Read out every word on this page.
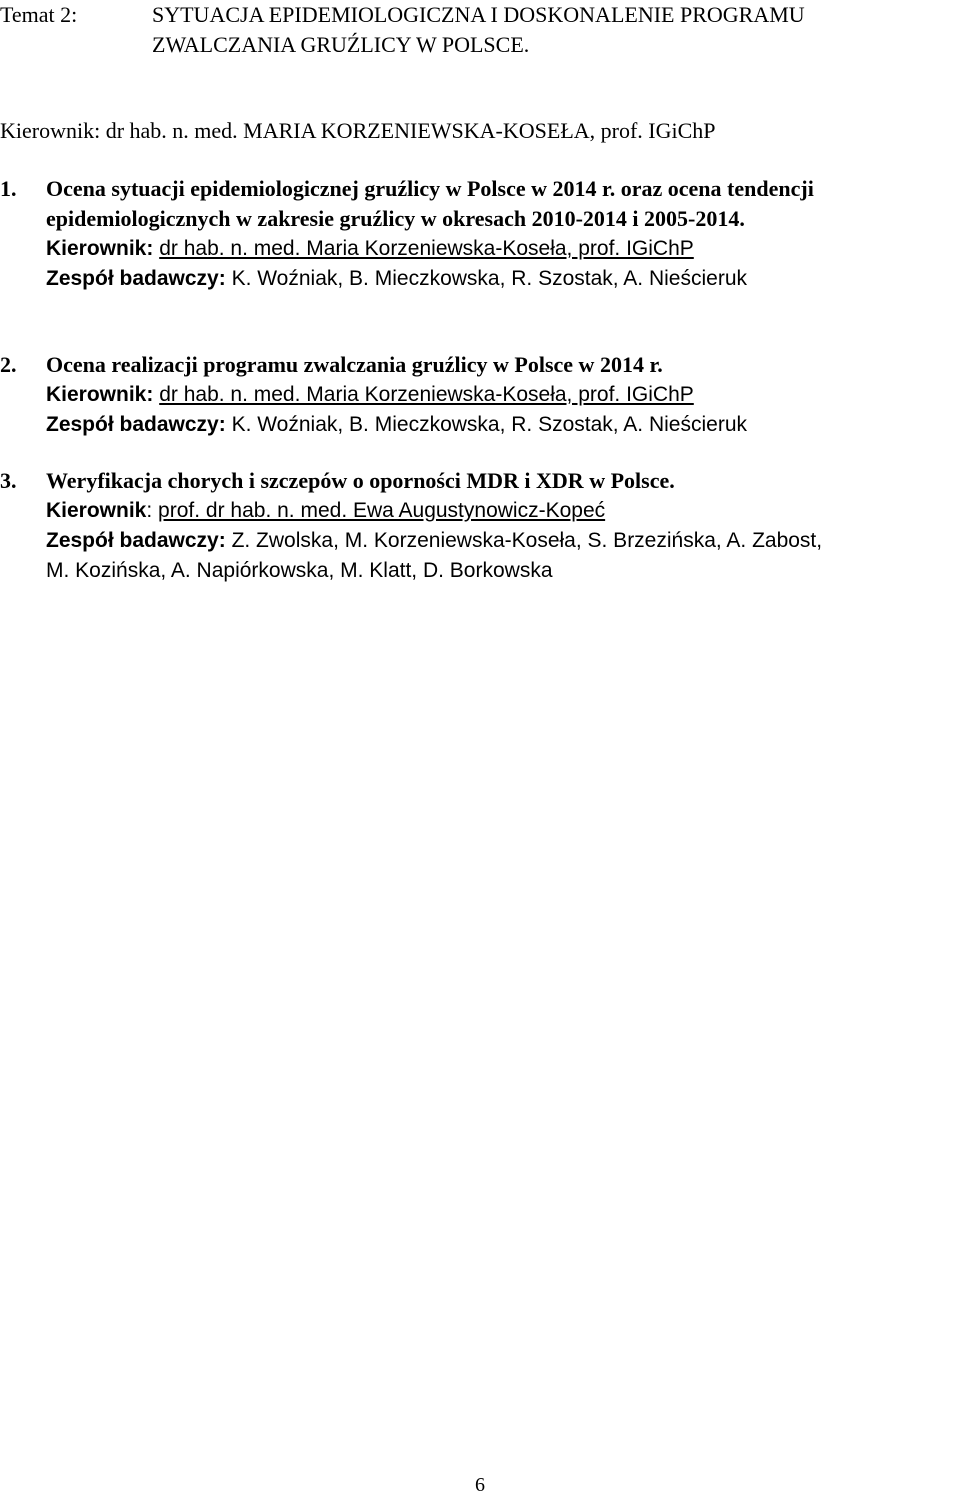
Temat 2:	SYTUACJA EPIDEMIOLOGICZNA I DOSKONALENIE PROGRAMU
ZWALCZANIA GRUŹLICY W POLSCE.
Kierownik: dr hab. n. med. MARIA KORZENIEWSKA-KOSEŁA, prof. IGiChP
1. Ocena sytuacji epidemiologicznej gruźlicy w Polsce w 2014 r. oraz ocena tendencji
epidemiologicznych w zakresie gruźlicy w okresach 2010-2014 i 2005-2014.
Kierownik: dr hab. n. med. Maria Korzeniewska-Koseła, prof. IGiChP
Zespół badawczy: K. Woźniak, B. Mieczkowska, R. Szostak, A. Nieścieruk
2. Ocena realizacji programu zwalczania gruźlicy w Polsce w 2014 r.
Kierownik: dr hab. n. med. Maria Korzeniewska-Koseła, prof. IGiChP
Zespół badawczy: K. Woźniak, B. Mieczkowska, R. Szostak, A. Nieścieruk
3. Weryfikacja chorych i szczepów o oporności MDR i XDR w Polsce.
Kierownik: prof. dr hab. n. med. Ewa Augustynowicz-Kopeć
Zespół badawczy: Z. Zwolska, M. Korzeniewska-Koseła, S. Brzezińska, A. Zabost,
M. Kozińska, A. Napiórkowska, M. Klatt, D. Borkowska
6
